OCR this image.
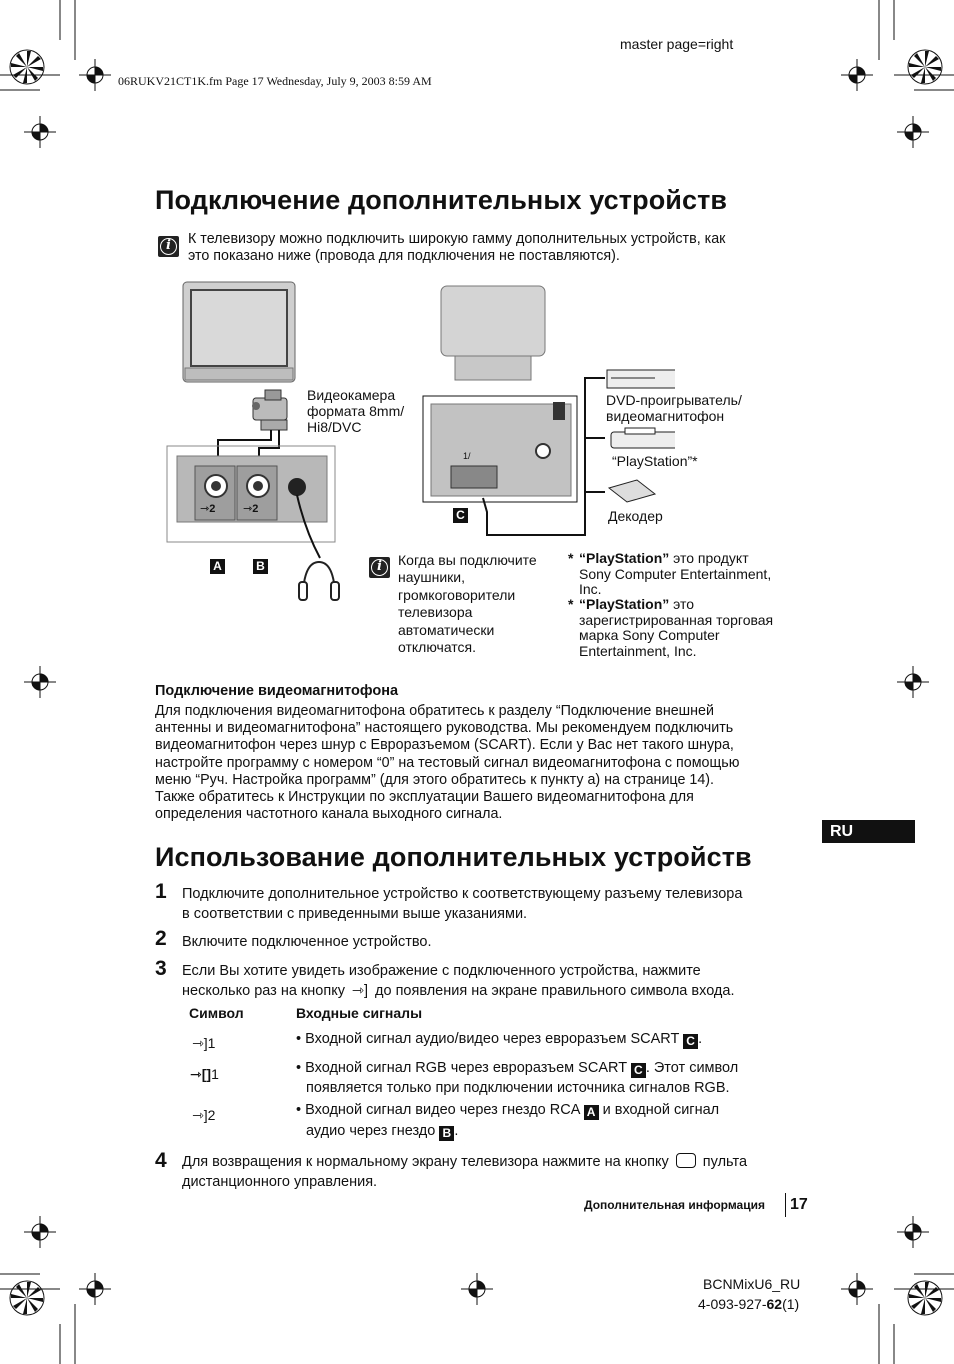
master page=right
06RUKV21CT1K.fm Page 17 Wednesday, July 9, 2003 8:59 AM
Подключение дополнительных устройств
i	К телевизору можно подключить широкую гамму дополнительных устройств, как
это показано ниже (провода для подключения не поставляются).
Видеокамера
формата 8mm/
Hi8/DVC
⇾2	⇾2
1/
A	B
C
DVD-проигрыватель/
видеомагнитофон
“PlayStation”*
Декодер
i	Когда вы подключите
наушники,
громкоговорители
телевизора
автоматически
отключатся.
* “PlayStation” это продукт
Sony Computer Entertainment,
Inc.
* “PlayStation” это
зарегистрированная торговая
марка Sony Computer
Entertainment, Inc.
Подключение видеомагнитофона
Для подключения видеомагнитофона обратитесь к разделу “Подключение внешней
антенны и видеомагнитофона” настоящего руководства. Мы рекомендуем подключить
видеомагнитофон через шнур с Евроразъемом (SCART). Если у Вас нет такого шнура,
настройте программу с номером “0” на тестовый сигнал видеомагнитофона с помощью
меню “Руч. Настройка программ” (для этого обратитесь к пункту a) на странице 14).
Также обратитесь к Инструкции по эксплуатации Вашего видеомагнитофона для
определения частотного канала выходного сигнала.
RU
Использование дополнительных устройств
1 Подключите дополнительное устройство к соответствующему разъему телевизора
в соответствии с приведенными выше указаниями.
2 Включите подключенное устройство.
3 Если Вы хотите увидеть изображение с подключенного устройства, нажмите
несколько раз на кнопку ⇾] до появления на экране правильного символа входа.
Символ	Входные сигналы
⇾]1	• Входной сигнал аудио/видео через евроразъем SCART C .
⇾[]1	• Входной сигнал RGB через евроразъем SCART C . Этот символ
появляется только при подключении источника сигналов RGB.
⇾]2	• Входной сигнал видео через гнездо RCA A и входной сигнал
аудио через гнездо B .
4 Для возвращения к нормальному экрану телевизора нажмите на кнопку пульта
дистанционного управления.
Дополнительная информация 17
BCNMixU6_RU
4-093-927-62(1)
